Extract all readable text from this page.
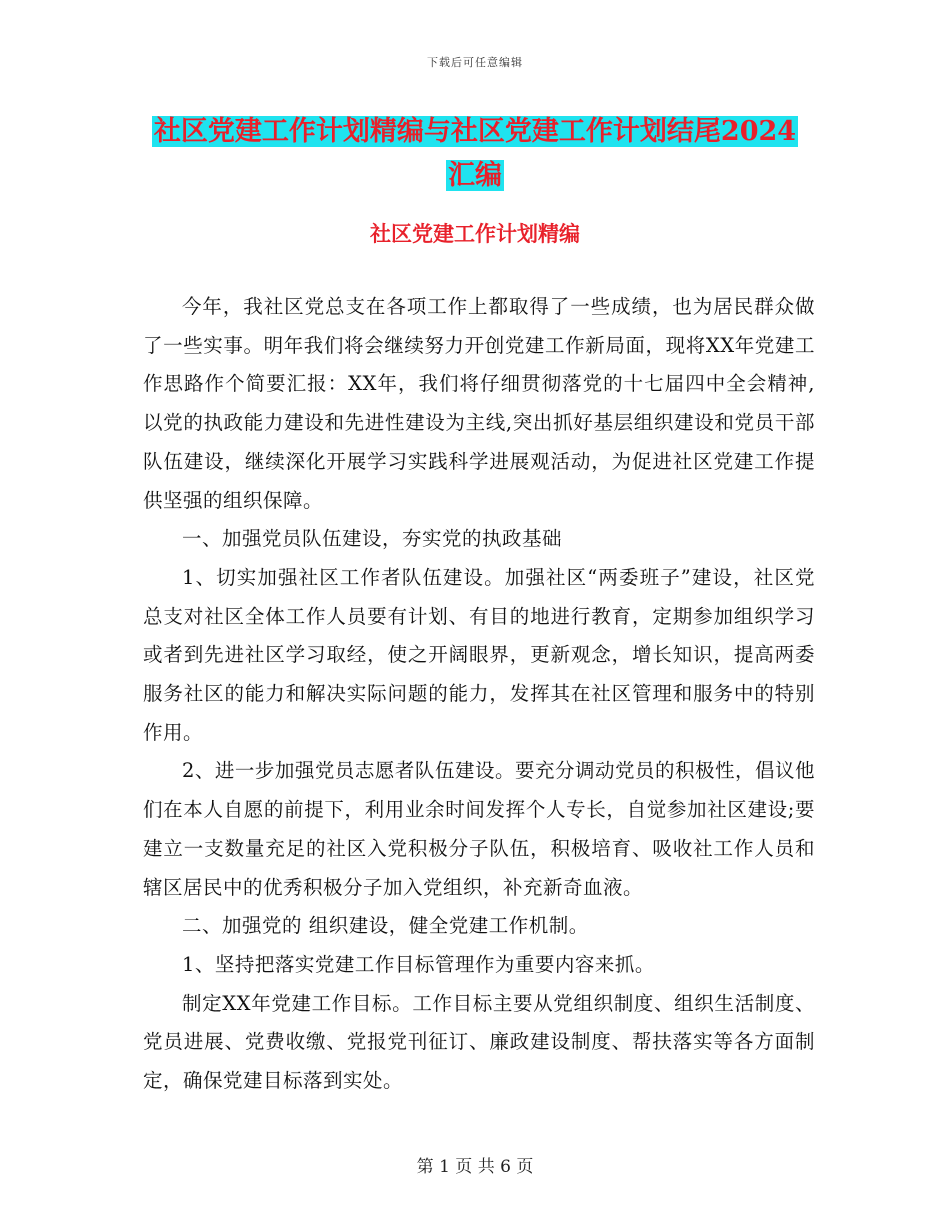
下载后可任意编辑
社区党建工作计划精编与社区党建工作计划结尾2024
汇编
社区党建工作计划精编

今年，我社区党总支在各项工作上都取得了一些成绩，也为居民群众做了一些实事。明年我们将会继续努力开创党建工作新局面，现将XX年党建工作思路作个简要汇报：XX年，我们将仔细贯彻落党的十七届四中全会精神,以党的执政能力建设和先进性建设为主线,突出抓好基层组织建设和党员干部队伍建设，继续深化开展学习实践科学进展观活动，为促进社区党建工作提供坚强的组织保障。

一、加强党员队伍建设，夯实党的执政基础

1、切实加强社区工作者队伍建设。加强社区“两委班子”建设，社区党总支对社区全体工作人员要有计划、有目的地进行教育，定期参加组织学习或者到先进社区学习取经，使之开阔眼界，更新观念，增长知识，提高两委服务社区的能力和解决实际问题的能力，发挥其在社区管理和服务中的特别作用。

2、进一步加强党员志愿者队伍建设。要充分调动党员的积极性，倡议他们在本人自愿的前提下，利用业余时间发挥个人专长，自觉参加社区建设;要建立一支数量充足的社区入党积极分子队伍，积极培育、吸收社工作人员和辖区居民中的优秀积极分子加入党组织，补充新奇血液。

二、加强党的 组织建设，健全党建工作机制。

1、坚持把落实党建工作目标管理作为重要内容来抓。

制定XX年党建工作目标。工作目标主要从党组织制度、组织生活制度、党员进展、党费收缴、党报党刊征订、廉政建设制度、帮扶落实等各方面制定，确保党建目标落到实处。

第 1 页 共 6 页
